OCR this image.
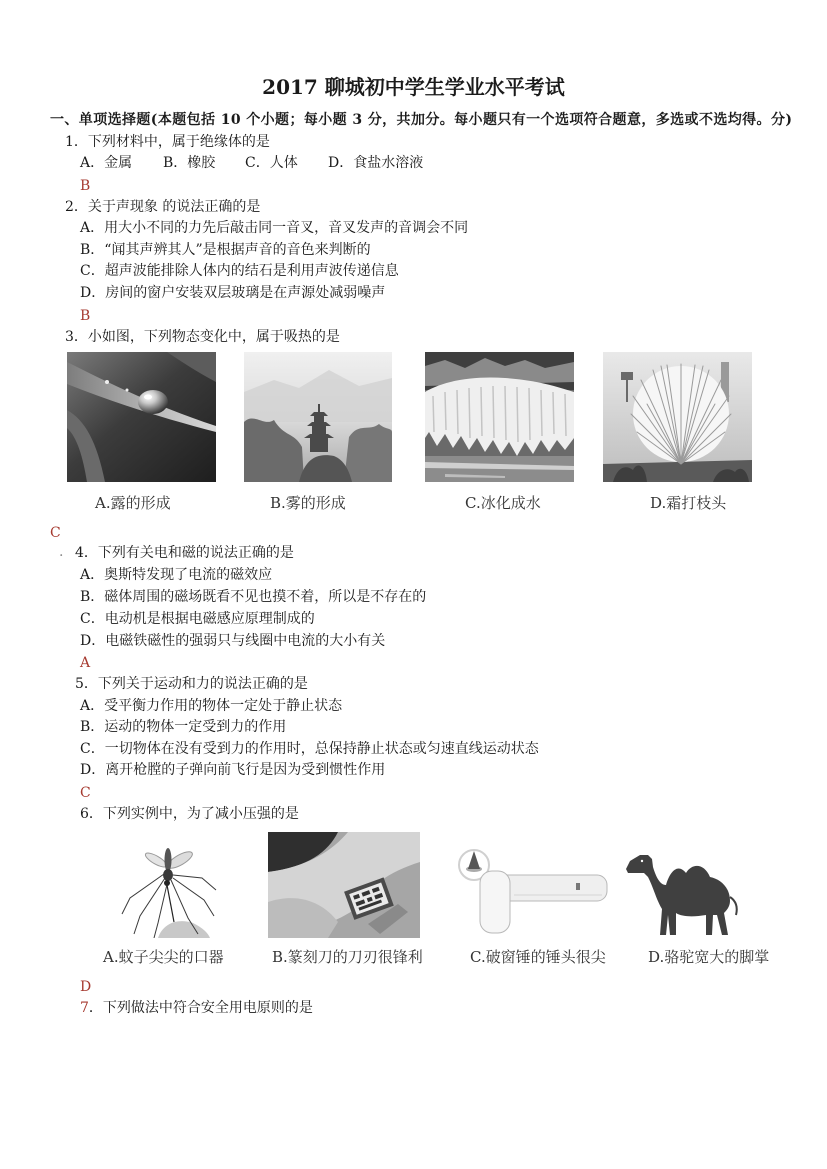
2017 聊城初中学生学业水平考试
一、单项选择题(本题包括 10 个小题；每小题 3 分，共加分。每小题只有一个选项符合题意，多选或不选均得。分)
1．下列材料中，属于绝缘体的是
A．金属 B．橡胶 C．人体 D．食盐水溶液
B
2．关于声现象 的说法正确的是
A．用大小不同的力先后敲击同一音叉，音叉发声的音调会不同
B．“闻其声辨其人”是根据声音的音色来判断的
C．超声波能排除人体内的结石是利用声波传递信息
D．房间的窗户安装双层玻璃是在声源处减弱噪声
B
3．小如图，下列物态变化中，属于吸热的是
A.露的形成	B.雾的形成	C.冰化成水	D.霜打枝头
C
. 4．下列有关电和磁的说法正确的是
A．奥斯特发现了电流的磁效应
B．磁体周围的磁场既看不见也摸不着，所以是不存在的
C．电动机是根据电磁感应原理制成的
D．电磁铁磁性的强弱只与线圈中电流的大小有关
A
5．下列关于运动和力的说法正确的是
A．受平衡力作用的物体一定处于静止状态
B．运动的物体一定受到力的作用
C．一切物体在没有受到力的作用时，总保持静止状态或匀速直线运动状态
D．离开枪膛的子弹向前飞行是因为受到惯性作用
C
6．下列实例中，为了减小压强的是
A.蚊子尖尖的口器	B.篆刻刀的刀刃很锋利	C.破窗锤的锤头很尖	D.骆驼宽大的脚掌
D
7．下列做法中符合安全用电原则的是
